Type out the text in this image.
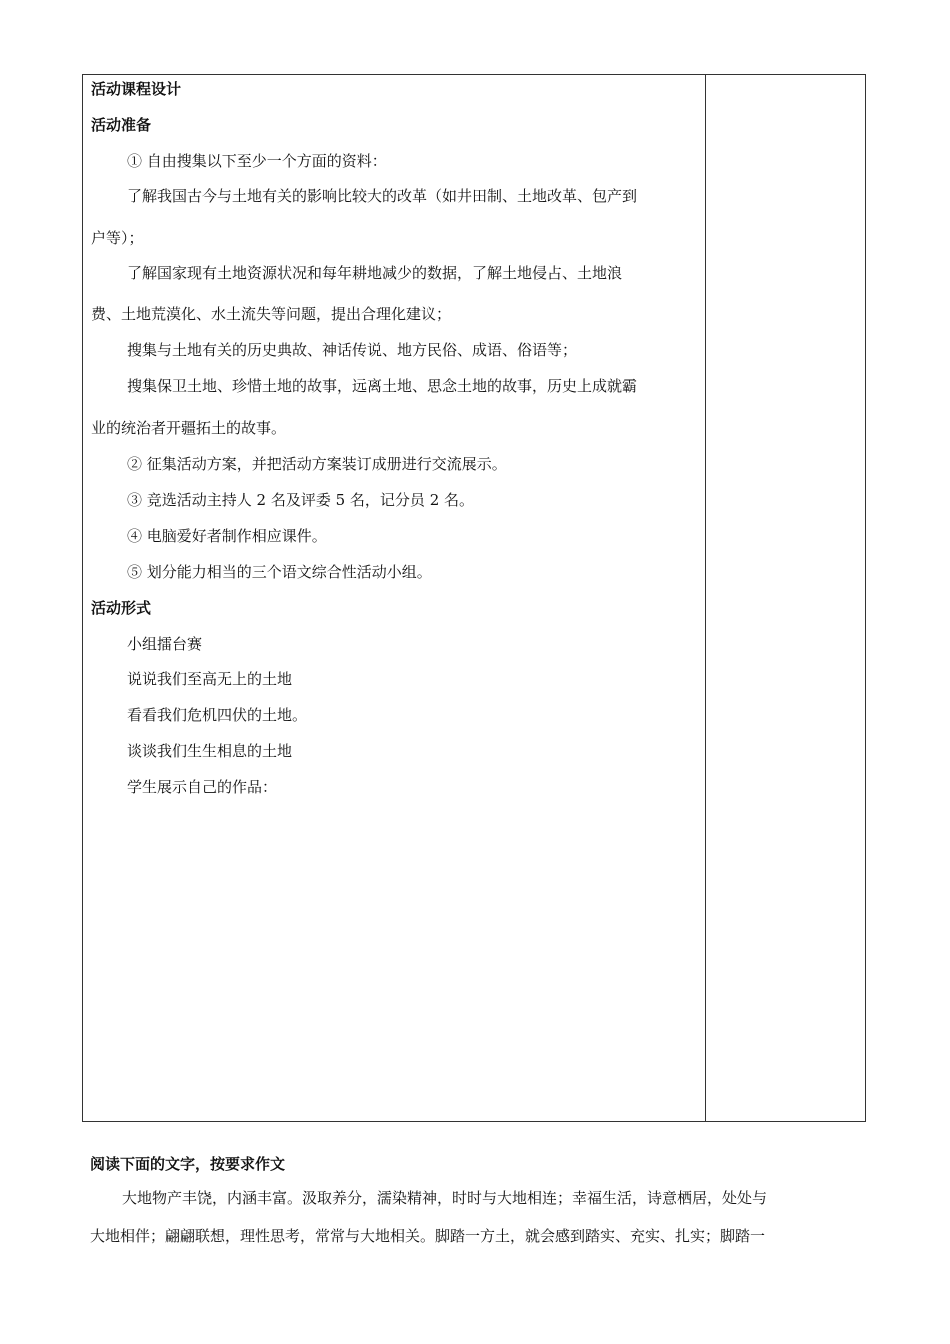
活动课程设计
活动准备
① 自由搜集以下至少一个方面的资料：
了解我国古今与土地有关的影响比较大的改革（如井田制、土地改革、包产到
户等）；
了解国家现有土地资源状况和每年耕地减少的数据，了解土地侵占、土地浪
费、土地荒漠化、水土流失等问题，提出合理化建议；
搜集与土地有关的历史典故、神话传说、地方民俗、成语、俗语等；
搜集保卫土地、珍惜土地的故事，远离土地、思念土地的故事，历史上成就霸
业的统治者开疆拓土的故事。
② 征集活动方案，并把活动方案装订成册进行交流展示。
③ 竞选活动主持人 2 名及评委 5 名，记分员 2 名。
④ 电脑爱好者制作相应课件。
⑤ 划分能力相当的三个语文综合性活动小组。
活动形式
小组擂台赛
说说我们至高无上的土地
看看我们危机四伏的土地。
谈谈我们生生相息的土地
学生展示自己的作品：
阅读下面的文字，按要求作文
大地物产丰饶，内涵丰富。汲取养分，濡染精神，时时与大地相连；幸福生活，诗意栖居，处处与
大地相伴；翩翩联想，理性思考，常常与大地相关。脚踏一方土，就会感到踏实、充实、扎实；脚踏一
